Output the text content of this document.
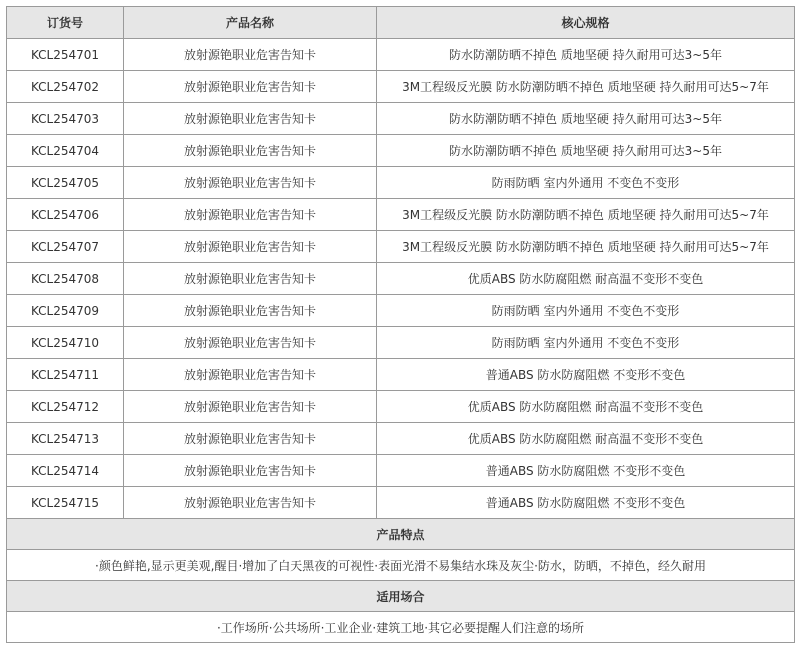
订货号	产品名称	核心规格
KCL254701	放射源铯职业危害告知卡	防水防潮防晒不掉色 质地坚硬 持久耐用可达3~5年
KCL254702	放射源铯职业危害告知卡	3M工程级反光膜 防水防潮防晒不掉色 质地坚硬 持久耐用可达5~7年
KCL254703	放射源铯职业危害告知卡	防水防潮防晒不掉色 质地坚硬 持久耐用可达3~5年
KCL254704	放射源铯职业危害告知卡	防水防潮防晒不掉色 质地坚硬 持久耐用可达3~5年
KCL254705	放射源铯职业危害告知卡	防雨防晒 室内外通用 不变色不变形
KCL254706	放射源铯职业危害告知卡	3M工程级反光膜 防水防潮防晒不掉色 质地坚硬 持久耐用可达5~7年
KCL254707	放射源铯职业危害告知卡	3M工程级反光膜 防水防潮防晒不掉色 质地坚硬 持久耐用可达5~7年
KCL254708	放射源铯职业危害告知卡	优质ABS 防水防腐阻燃 耐高温不变形不变色
KCL254709	放射源铯职业危害告知卡	防雨防晒 室内外通用 不变色不变形
KCL254710	放射源铯职业危害告知卡	防雨防晒 室内外通用 不变色不变形
KCL254711	放射源铯职业危害告知卡	普通ABS 防水防腐阻燃 不变形不变色
KCL254712	放射源铯职业危害告知卡	优质ABS 防水防腐阻燃 耐高温不变形不变色
KCL254713	放射源铯职业危害告知卡	优质ABS 防水防腐阻燃 耐高温不变形不变色
KCL254714	放射源铯职业危害告知卡	普通ABS 防水防腐阻燃 不变形不变色
KCL254715	放射源铯职业危害告知卡	普通ABS 防水防腐阻燃 不变形不变色
产品特点		
·颜色鲜艳,显示更美观,醒目·增加了白天黑夜的可视性·表面光滑不易集结水珠及灰尘·防水，防晒，不掉色，经久耐用		
适用场合		
·工作场所·公共场所·工业企业·建筑工地·其它必要提醒人们注意的场所		
